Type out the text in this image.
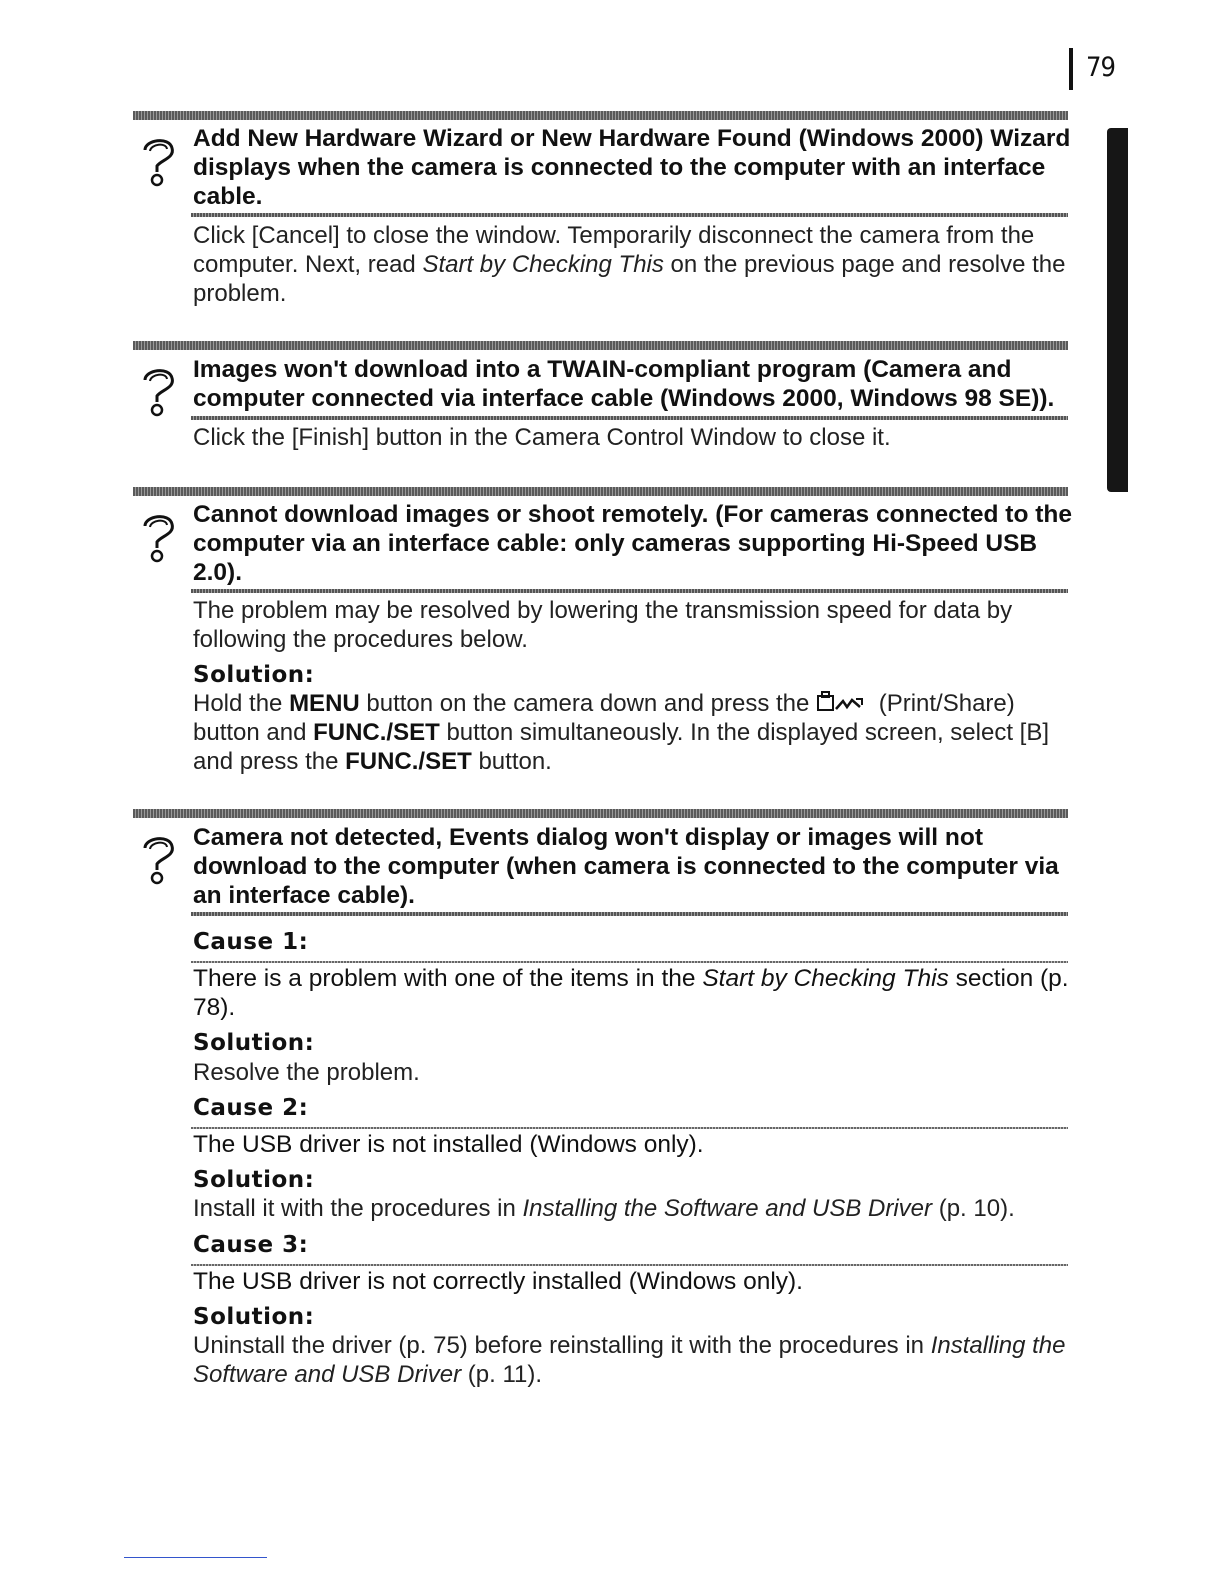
79
Add New Hardware Wizard or New Hardware Found (Windows 2000) Wizard displays when the camera is connected to the computer with an interface cable.
Click [Cancel] to close the window. Temporarily disconnect the camera from the computer. Next, read Start by Checking This on the previous page and resolve the problem.
Images won't download into a TWAIN-compliant program (Camera and computer connected via interface cable (Windows 2000, Windows 98 SE)).
Click the [Finish] button in the Camera Control Window to close it.
Cannot download images or shoot remotely. (For cameras connected to the computer via an interface cable: only cameras supporting Hi-Speed USB 2.0).
The problem may be resolved by lowering the transmission speed for data by following the procedures below.
Solution:
Hold the MENU button on the camera down and press the  (Print/Share) button and FUNC./SET button simultaneously. In the displayed screen, select [B] and press the FUNC./SET button.
Camera not detected, Events dialog won't display or images will not download to the computer (when camera is connected to the computer via an interface cable).
Cause 1:
There is a problem with one of the items in the Start by Checking This section (p. 78).
Solution:
Resolve the problem.
Cause 2:
The USB driver is not installed (Windows only).
Solution:
Install it with the procedures in Installing the Software and USB Driver (p. 10).
Cause 3:
The USB driver is not correctly installed (Windows only).
Solution:
Uninstall the driver (p. 75) before reinstalling it with the procedures in Installing the Software and USB Driver (p. 11).
